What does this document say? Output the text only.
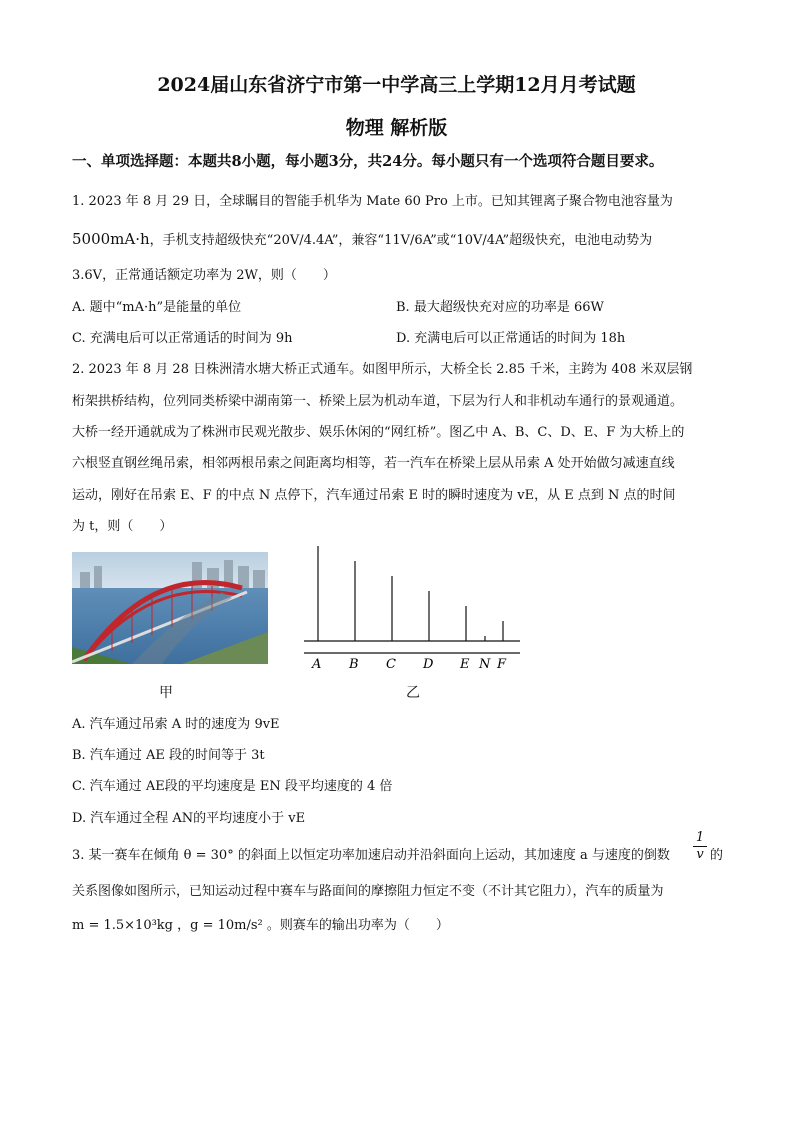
2024届山东省济宁市第一中学高三上学期12月月考试题
物理 解析版
一、单项选择题：本题共8小题，每小题3分，共24分。每小题只有一个选项符合题目要求。
1. 2023 年 8 月 29 日，全球瞩目的智能手机华为 Mate 60 Pro 上市。已知其锂离子聚合物电池容量为
5000mA·h，手机支持超级快充“20V/4.4A”，兼容“11V/6A”或“10V/4A”超级快充，电池电动势为
3.6V，正常通话额定功率为 2W，则（　　）
A. 题中“mA·h”是能量的单位	B. 最大超级快充对应的功率是 66W
C. 充满电后可以正常通话的时间为 9h	D. 充满电后可以正常通话的时间为 18h
2. 2023 年 8 月 28 日株洲清水塘大桥正式通车。如图甲所示，大桥全长 2.85 千米，主跨为 408 米双层钢
桁架拱桥结构，位列同类桥梁中湖南第一、桥梁上层为机动车道，下层为行人和非机动车通行的景观通道。
大桥一经开通就成为了株洲市民观光散步、娱乐休闲的“网红桥”。图乙中 A、B、C、D、E、F 为大桥上的
六根竖直钢丝绳吊索，相邻两根吊索之间距离均相等，若一汽车在桥梁上层从吊索 A 处开始做匀减速直线
运动，刚好在吊索 E、F 的中点 N 点停下，汽车通过吊索 E 时的瞬时速度为 vE，从 E 点到 N 点的时间
为 t，则（　　）
A B C D E N F
甲	乙
A. 汽车通过吊索 A 时的速度为 9vE
B. 汽车通过 AE 段的时间等于 3t
C. 汽车通过 AE段的平均速度是 EN 段平均速度的 4 倍
D. 汽车通过全程 AN的平均速度小于 vE
3. 某一赛车在倾角 θ = 30° 的斜面上以恒定功率加速启动并沿斜面向上运动，其加速度 a 与速度的倒数 $\frac{1}{v}$ 的
关系图像如图所示，已知运动过程中赛车与路面间的摩擦阻力恒定不变（不计其它阻力），汽车的质量为
m = 1.5×10³kg ，g = 10m/s² 。则赛车的输出功率为（　　）
